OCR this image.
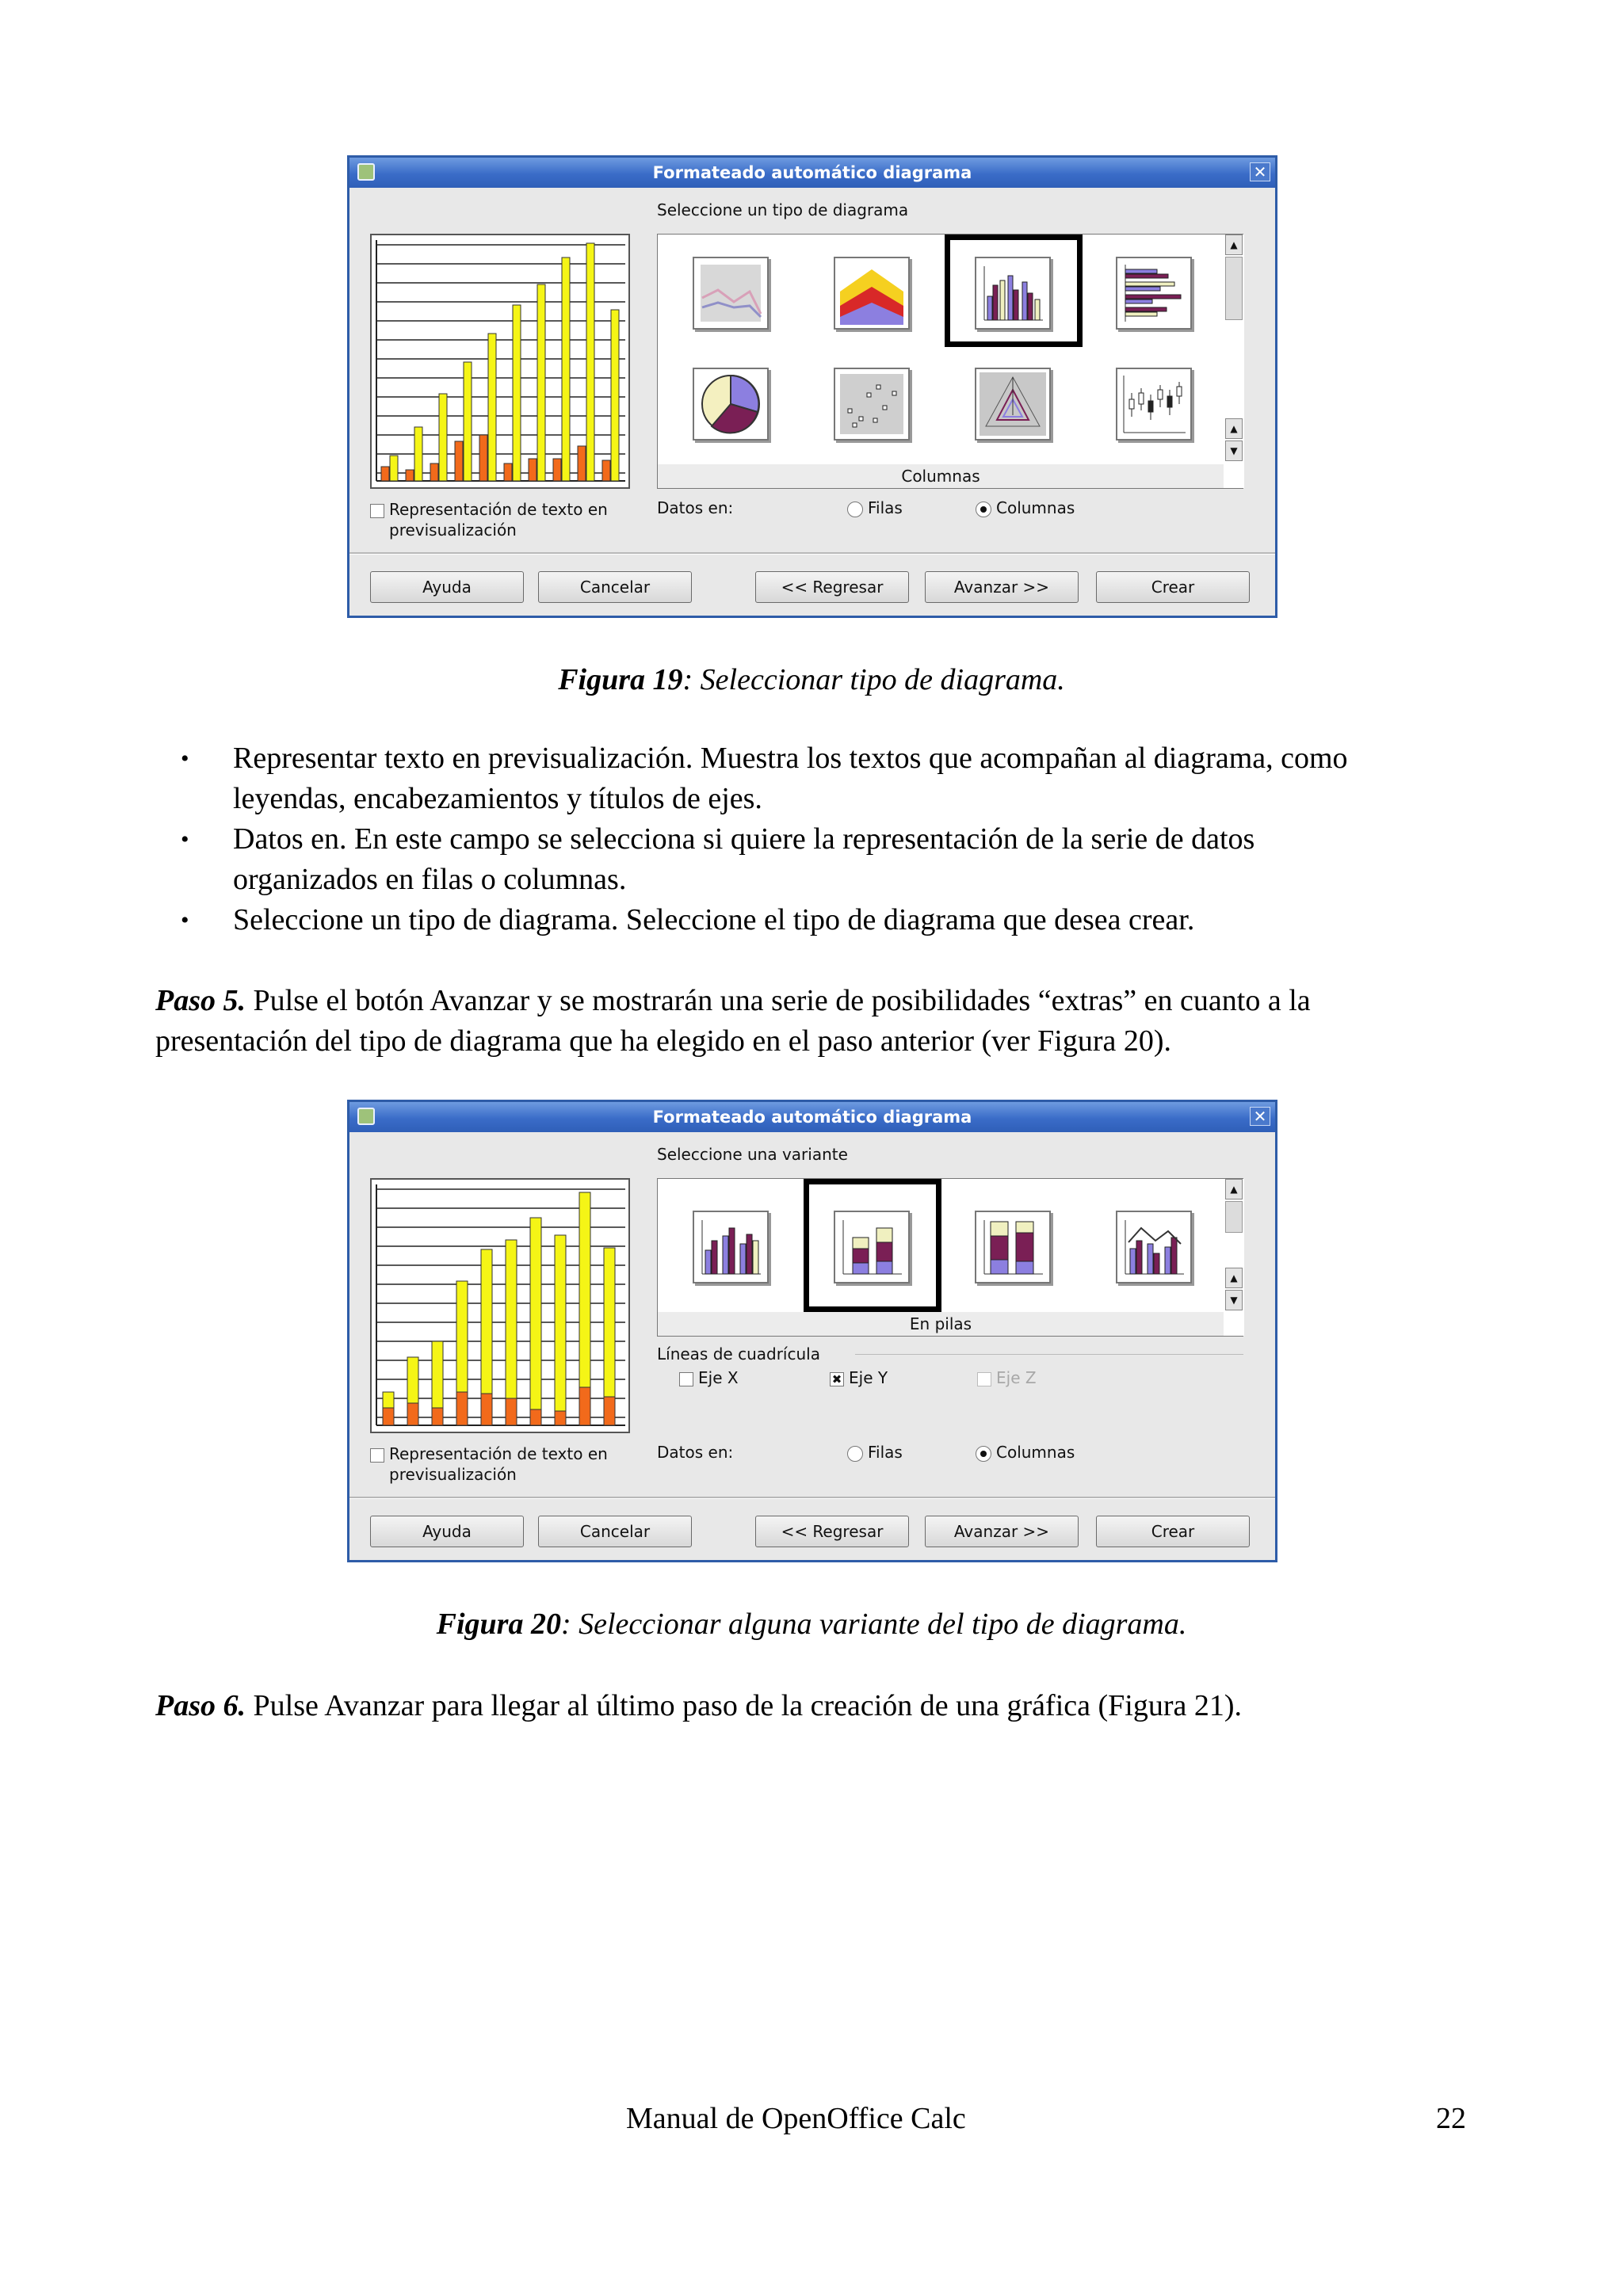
Formateado automático diagrama	✕
Seleccione un tipo de diagrama
Representación de texto en
previsualización
▲
▲
▼
Columnas
Datos en:	Filas	Columnas
Ayuda	Cancelar	<< Regresar	Avanzar >>	Crear
Figura 19: Seleccionar tipo de diagrama.
• Representar texto en previsualización. Muestra los textos que acompañan al diagrama, como
leyendas, encabezamientos y títulos de ejes.
• Datos en. En este campo se selecciona si quiere la representación de la serie de datos
organizados en filas o columnas.
• Seleccione un tipo de diagrama. Seleccione el tipo de diagrama que desea crear.
Paso 5. Pulse el botón Avanzar y se mostrarán una serie de posibilidades “extras” en cuanto a la
presentación del tipo de diagrama que ha elegido en el paso anterior (ver Figura 20).
Formateado automático diagrama	✕
Seleccione una variante
Representación de texto en
previsualización
▲
▲
▼
En pilas
Líneas de cuadrícula
Eje X	✖ Eje Y	Eje Z
Datos en:	Filas	Columnas
Ayuda	Cancelar	<< Regresar	Avanzar >>	Crear
Figura 20: Seleccionar alguna variante del tipo de diagrama.
Paso 6. Pulse Avanzar para llegar al último paso de la creación de una gráfica (Figura 21).
Manual de OpenOffice Calc	22
